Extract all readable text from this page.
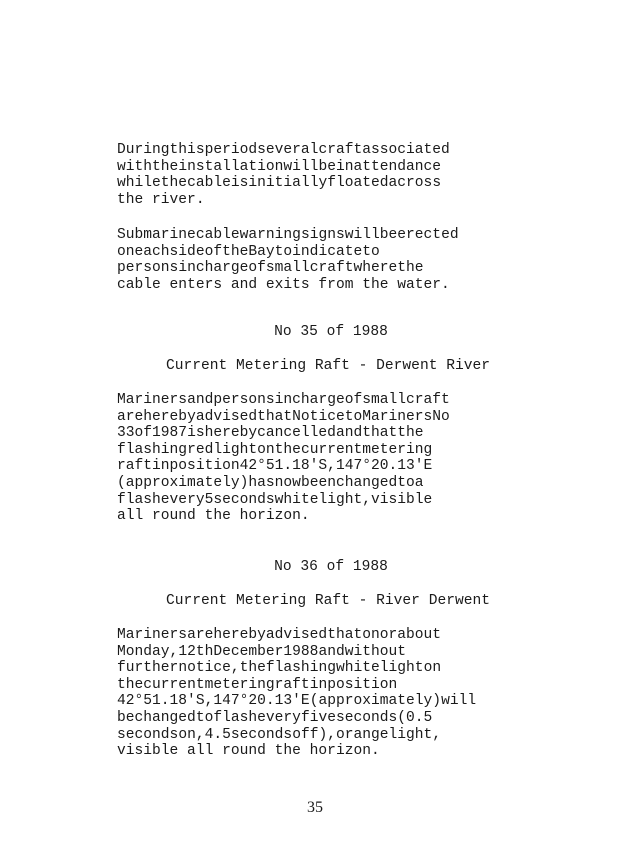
Duringthisperiodseveralcraftassociated
withtheinstallationwillbeinattendance
whilethecableisinitiallyfloatedacross
the river.
Submarinecablewarningsignswillbeerected
oneachsideoftheBaytoindicateto
personsinchargeofsmallcraftwherethe
cable enters and exits from the water.
No 35 of 1988
Current Metering Raft - Derwent River
Marinersandpersonsinchargeofsmallcraft
areherebyadvisedthatNoticetoMarinersNo
33of1987isherebycancelledandthatthe
flashingredlightonthecurrentmetering
raftinposition42°51.18'S,147°20.13'E
(approximately)hasnowbeenchangedtoa
flashevery5secondswhitelight,visible
all round the horizon.
No 36 of 1988
Current Metering Raft - River Derwent
Marinersareherebyadvisedthatonorabout
Monday,12thDecember1988andwithout
furthernotice,theflashingwhitelighton
thecurrentmeteringraftinposition
42°51.18'S,147°20.13'E(approximately)will
bechangedtoflasheveryfiveseconds(0.5
secondson,4.5secondsoff),orangelight,
visible all round the horizon.
35
